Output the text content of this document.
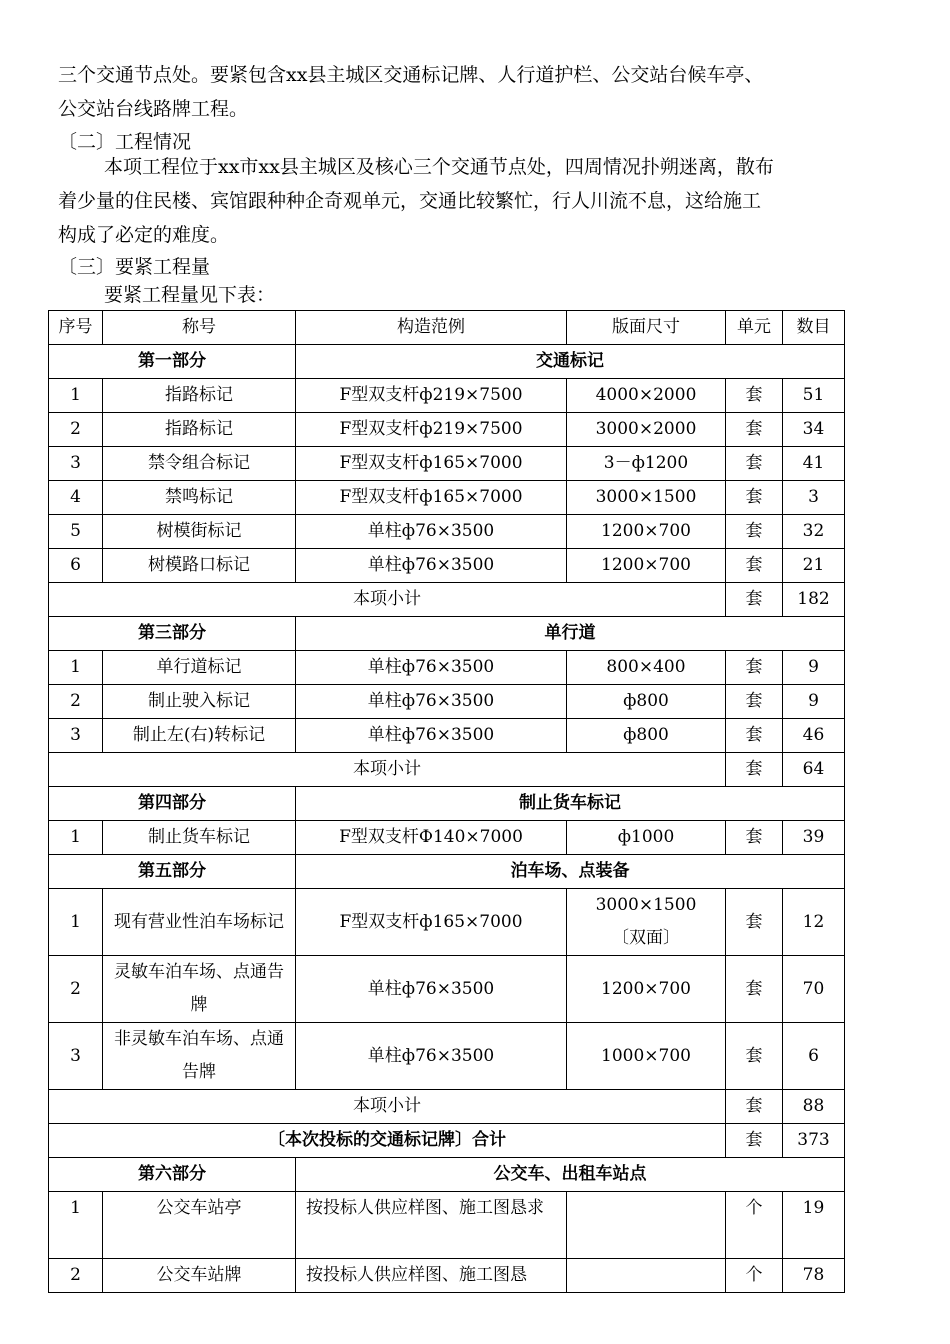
三个交通节点处。要紧包含xx县主城区交通标记牌、人行道护栏、公交站台候车亭、
公交站台线路牌工程。
〔二〕工程情况
本项工程位于xx市xx县主城区及核心三个交通节点处，四周情况扑朔迷离，散布
着少量的住民楼、宾馆跟种种企奇观单元，交通比较繁忙，行人川流不息，这给施工
构成了必定的难度。
〔三〕要紧工程量
要紧工程量见下表：
序号	称号	构造范例	版面尺寸	单元	数目
第一部分		交通标记			
1	指路标记	F型双支杆ф219×7500	4000×2000	套	51
2	指路标记	F型双支杆ф219×7500	3000×2000	套	34
3	禁令组合标记	F型双支杆ф165×7000	3－ф1200	套	41
4	禁鸣标记	F型双支杆ф165×7000	3000×1500	套	3
5	树模街标记	单柱ф76×3500	1200×700	套	32
6	树模路口标记	单柱ф76×3500	1200×700	套	21
本项小计				套	182
第三部分		单行道			
1	单行道标记	单柱ф76×3500	800×400	套	9
2	制止驶入标记	单柱ф76×3500	ф800	套	9
3	制止左(右)转标记	单柱ф76×3500	ф800	套	46
本项小计				套	64
第四部分		制止货车标记			
1	制止货车标记	F型双支杆Ф140×7000	ф1000	套	39
第五部分		泊车场、点装备			
1	现有营业性泊车场标记	F型双支杆ф165×7000	3000×1500〔双面〕	套	12
2	灵敏车泊车场、点通告牌	单柱ф76×3500	1200×700	套	70
3	非灵敏车泊车场、点通告牌	单柱ф76×3500	1000×700	套	6
本项小计				套	88
〔本次投标的交通标记牌〕合计				套	373
第六部分		公交车、出租车站点			
1	公交车站亭	按投标人供应样图、施工图恳求		个	19
2	公交车站牌	按投标人供应样图、施工图恳		个	78
